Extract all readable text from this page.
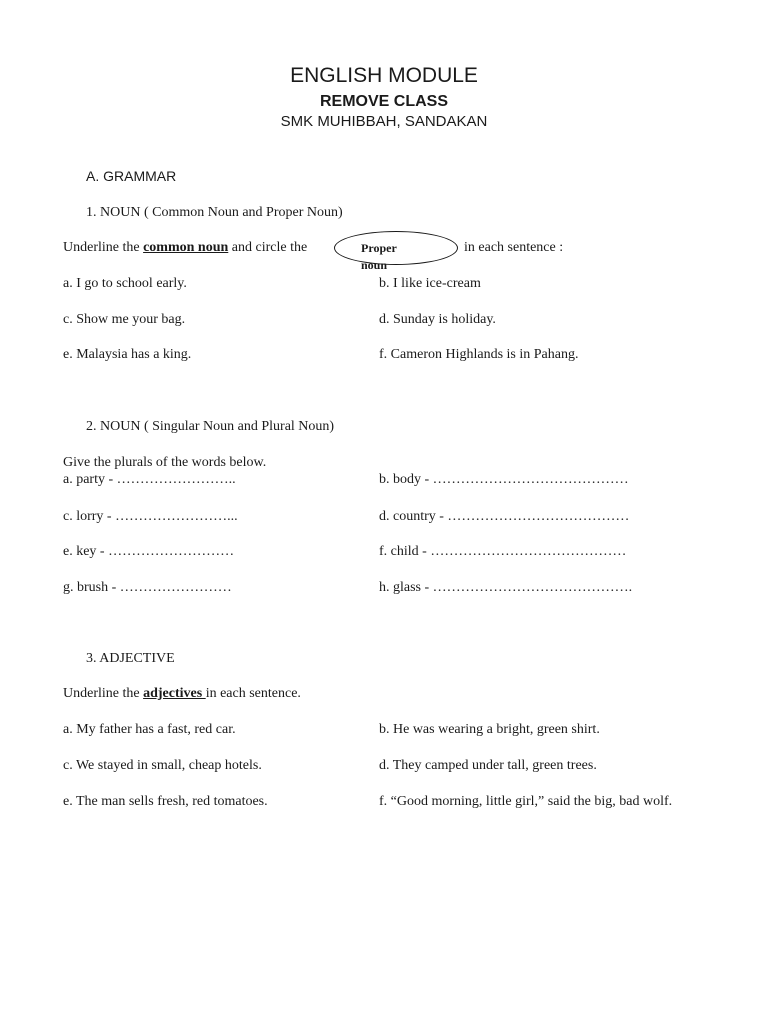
ENGLISH MODULE
REMOVE CLASS
SMK MUHIBBAH, SANDAKAN
A. GRAMMAR
1. NOUN ( Common Noun and Proper Noun)
Underline the common noun and circle the	Proper noun
in each sentence :
a. I go to school early.	b. I like ice-cream
c. Show me your bag.	d. Sunday is holiday.
e. Malaysia has a king.	f. Cameron Highlands is in Pahang.
2. NOUN ( Singular Noun and Plural Noun)
Give the plurals of the words below.
a. party - ……………………..	b. body - ……………………………………
c. lorry - ……………………...	d. country - …………………………………
e. key - ………………………	f. child - ……………………………………
g. brush - ……………………	h. glass - …………………………………….
3. ADJECTIVE
Underline the adjectives in each sentence.
a. My father has a fast, red car.	b. He was wearing a bright, green shirt.
c. We stayed in small, cheap hotels.	d. They camped under tall, green trees.
e. The man sells fresh, red tomatoes.	f. “Good morning, little girl,” said the big, bad wolf.
